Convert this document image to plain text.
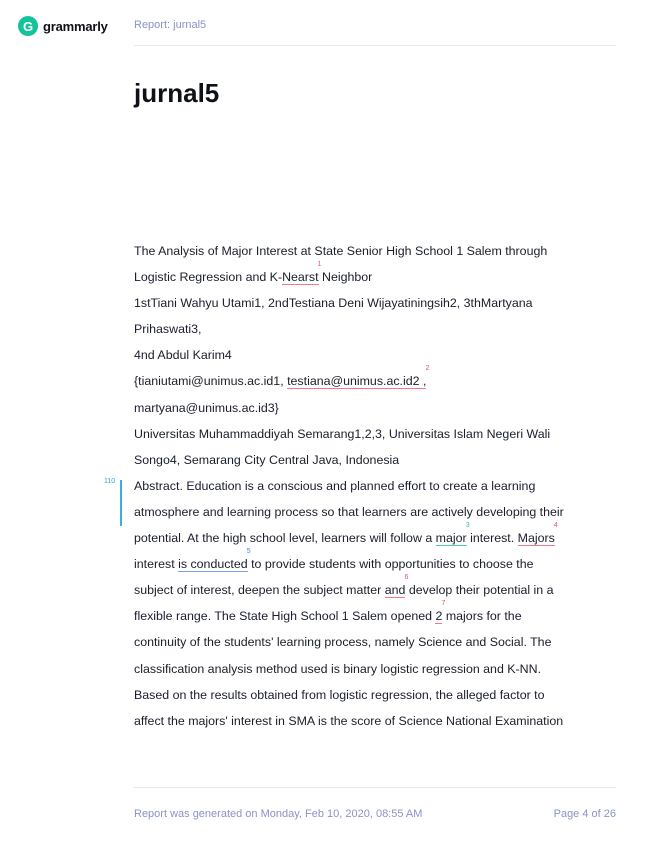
G grammarly Report: jurnal5
jurnal5
110
The Analysis of Major Interest at State Senior High School 1 Salem through
Logistic Regression and K-Nearst
1
Neighbor
1stTiani Wahyu Utami1, 2ndTestiana Deni Wijayatiningsih2, 3thMartyana
Prihaswati3,
4nd Abdul Karim4
{tianiutami@unimus.ac.id1, testiana@unimus.ac.id2 ,
2
martyana@unimus.ac.id3}
Universitas Muhammaddiyah Semarang1,2,3, Universitas Islam Negeri Wali
Songo4, Semarang City Central Java, Indonesia
Abstract. Education is a conscious and planned effort to create a learning
atmosphere and learning process so that learners are actively developing their
potential. At the high school level, learners will follow a major
3
interest. Majors
4
interest is conducted
5
to provide students with opportunities to choose the
subject of interest, deepen the subject matter and
6
develop their potential in a
flexible range. The State High School 1 Salem opened 2
7
majors for the
continuity of the students' learning process, namely Science and Social. The
classification analysis method used is binary logistic regression and K-NN.
Based on the results obtained from logistic regression, the alleged factor to
affect the majors' interest in SMA is the score of Science National Examination
Report was generated on Monday, Feb 10, 2020, 08:55 AM	Page 4 of 26
